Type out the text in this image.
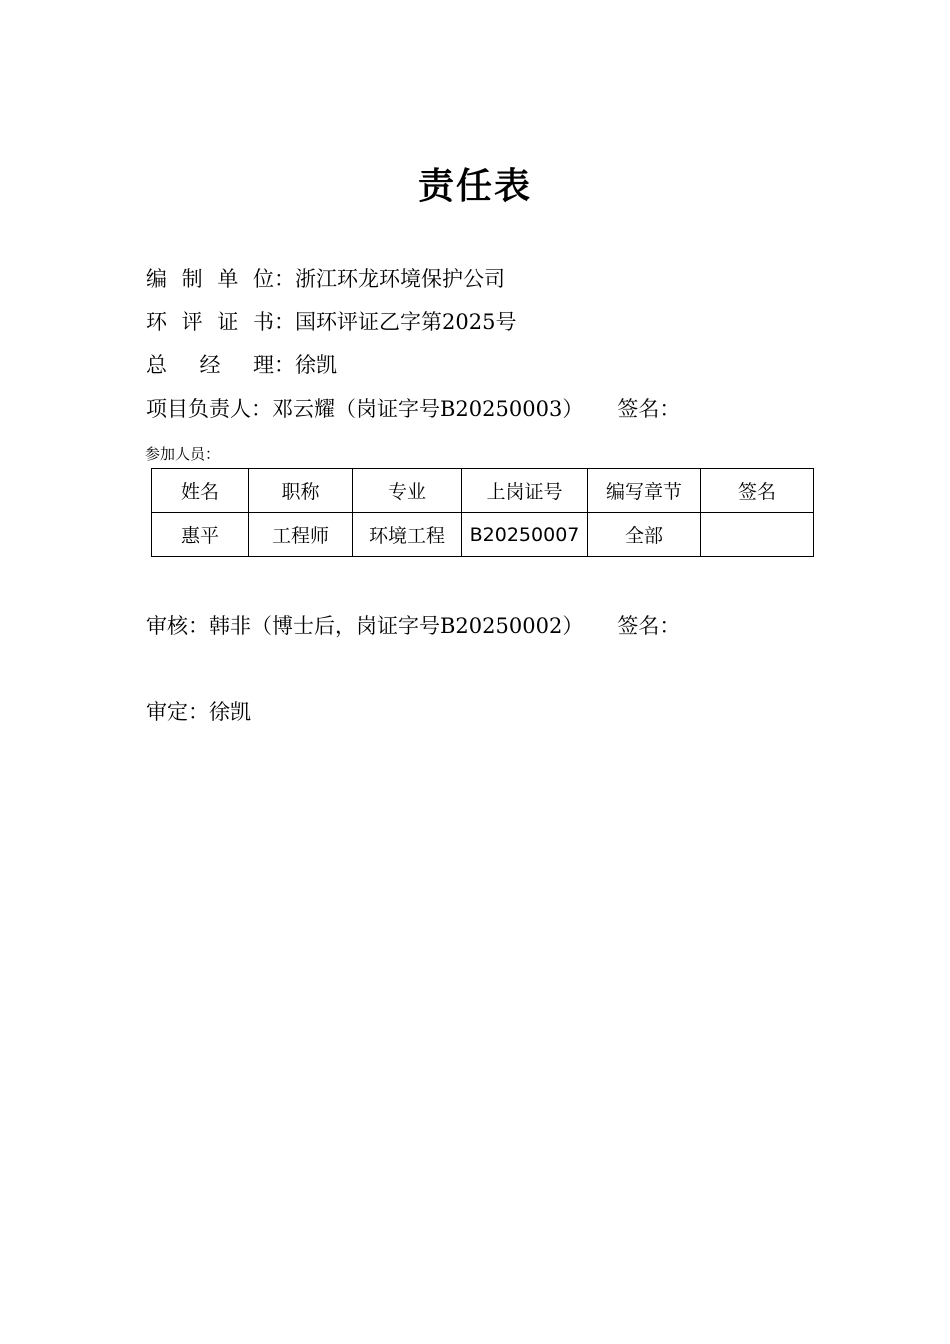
责任表
编 制 单 位 ：浙江环龙环境保护公司
环 评 证 书 ：国环评证乙字第2025号
总 经 理 ：徐凯
项目负责人：邓云耀（岗证字号B20250003） 签名：
参加人员：
姓名	职称	专业	上岗证号	编写章节	签名
惠平	工程师	环境工程	B20250007	全部	
审核：韩非（博士后，岗证字号B20250002） 签名：
审定：徐凯
